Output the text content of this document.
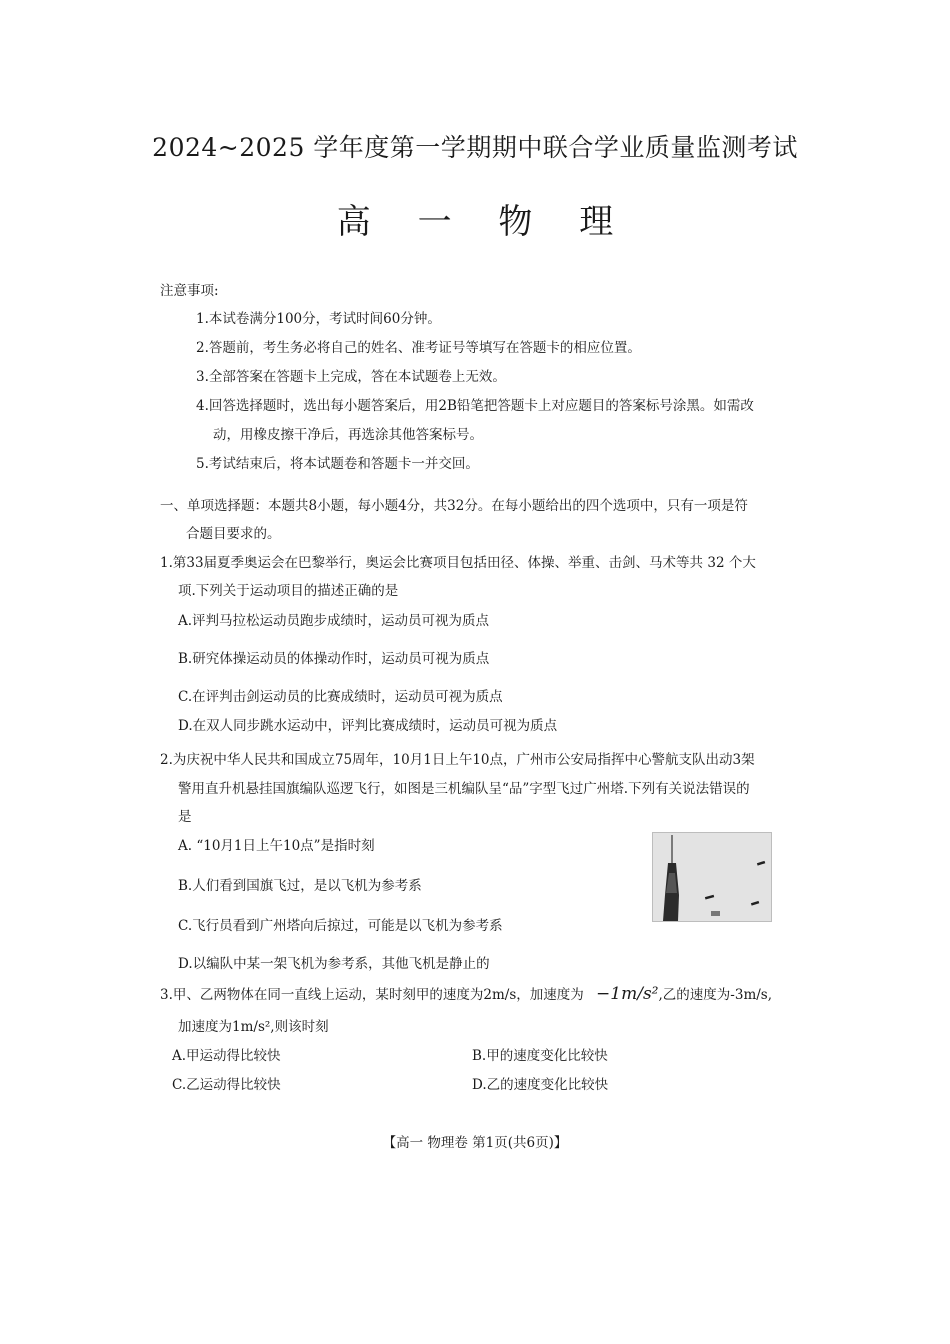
2024~2025 学年度第一学期期中联合学业质量监测考试
高 一 物 理
注意事项:
1.本试卷满分100分，考试时间60分钟。
2.答题前，考生务必将自己的姓名、准考证号等填写在答题卡的相应位置。
3.全部答案在答题卡上完成，答在本试题卷上无效。
4.回答选择题时，选出每小题答案后，用2B铅笔把答题卡上对应题目的答案标号涂黑。如需改
动，用橡皮擦干净后，再选涂其他答案标号。
5.考试结束后，将本试题卷和答题卡一并交回。
一、单项选择题：本题共8小题，每小题4分，共32分。在每小题给出的四个选项中，只有一项是符
合题目要求的。
1.第33届夏季奥运会在巴黎举行，奥运会比赛项目包括田径、体操、举重、击剑、马术等共 32 个大
项.下列关于运动项目的描述正确的是
A.评判马拉松运动员跑步成绩时，运动员可视为质点
B.研究体操运动员的体操动作时，运动员可视为质点
C.在评判击剑运动员的比赛成绩时，运动员可视为质点
D.在双人同步跳水运动中，评判比赛成绩时，运动员可视为质点
2.为庆祝中华人民共和国成立75周年，10月1日上午10点，广州市公安局指挥中心警航支队出动3架
警用直升机悬挂国旗编队巡逻飞行，如图是三机编队呈“品”字型飞过广州塔.下列有关说法错误的
是
A. “10月1日上午10点”是指时刻
B.人们看到国旗飞过，是以飞机为参考系
C.飞行员看到广州塔向后掠过，可能是以飞机为参考系
D.以编队中某一架飞机为参考系，其他飞机是静止的
3.甲、乙两物体在同一直线上运动，某时刻甲的速度为2m/s，加速度为 −1m/s²,乙的速度为-3m/s,
加速度为1m/s²,则该时刻
A.甲运动得比较快	B.甲的速度变化比较快
C.乙运动得比较快	D.乙的速度变化比较快
【高一 物理卷 第1页(共6页)】
